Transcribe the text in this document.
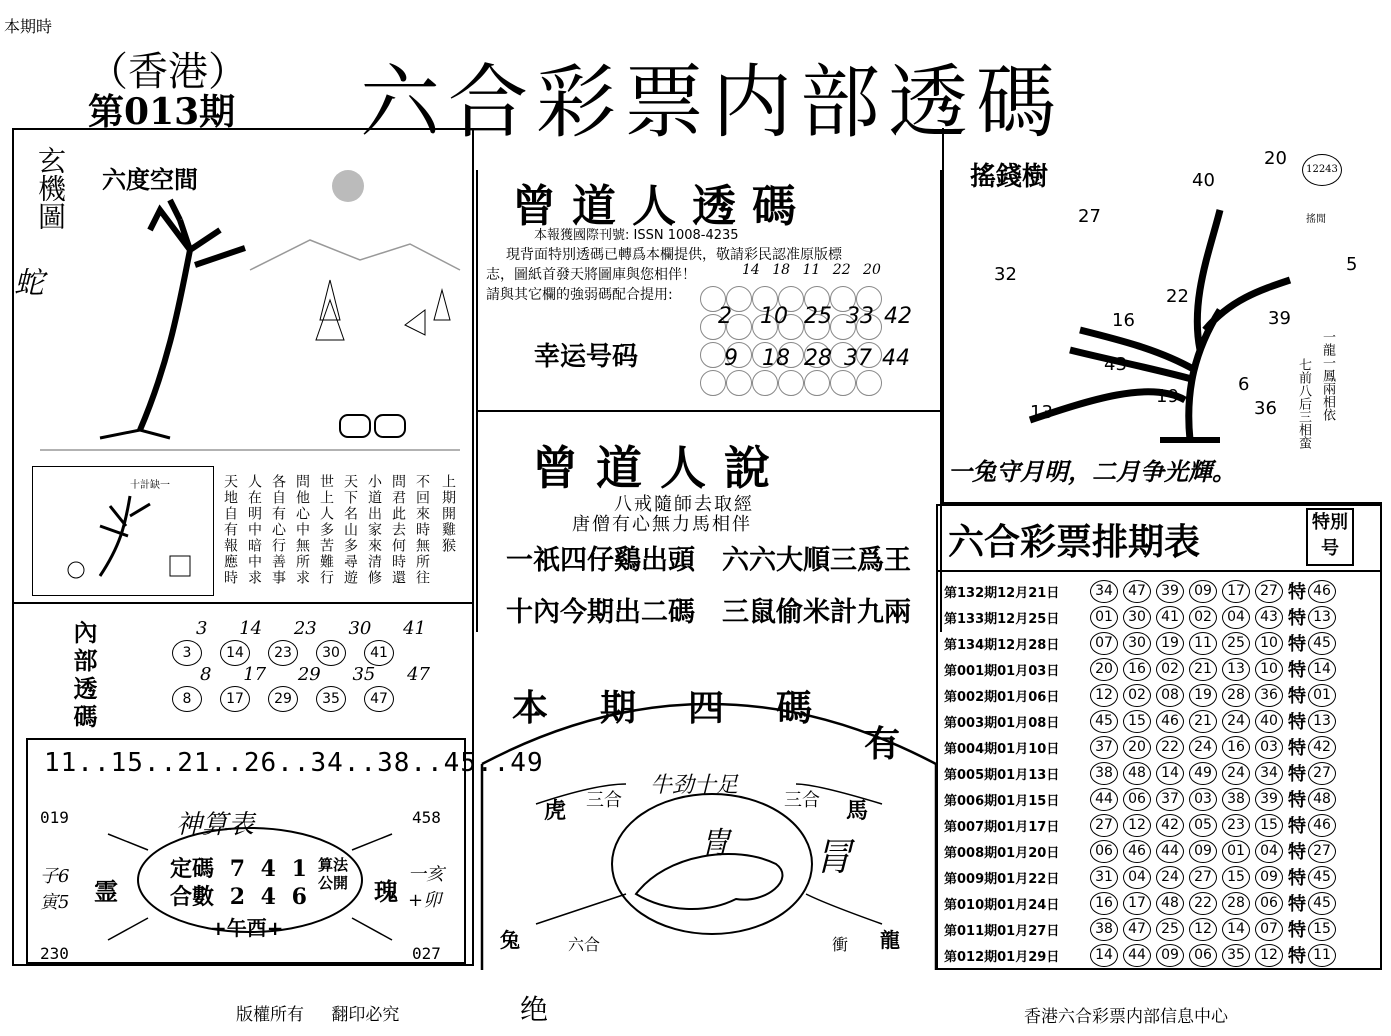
本期時
（香港）
第013期 六合彩票内部透碼
玄機圖
蛇
六度空間
十計缺一	上期開雞猴
不回來時無所往
問君此去何時還
小道出家來清修
天下名山多尋遊
世上人多苦難行
問他心中無所求
各自有心行善事
人在明中暗中求
天地自有報應時
內部透碼	3	14	23	30	41
8	17	29	35	47
3 14 23 30 41
8 17 29 35 47
11..15..21..26..34..38..45..49
019	458
230	027
神算表
定碼 7 4 1
合數 2 4 6
算法公開
+午酉+
霊	瑰
子6 寅5
一亥 +卯
曾道人透碼
本報獲國際刊號: ISSN 1008-4235
現背面特別透碼已轉爲本欄提供，敬請彩民認准原版標
志，圖紙首發天將圖庫與您相伴！
請與其它欄的強弱碼配合提用:
14 18 11 22 20
幸运号码
2 10 25 33 42
9 18 28 37 44
曾道人說
八戒隨師去取經
唐僧有心無力馬相伴
一祇四仔鷄出頭 六六大順三爲王
十內今期出二碼 三鼠偷米計九兩
本期四碼
有
牛劲十足
虎 三合	三合 馬
冑 冐
兔	六合	衝 龍
搖錢樹	12243
搖閒
40
20
27
32	5
16
22
39
43
19
6
13	36	一龍一鳳兩相依
七前八后三相蛮
一兔守月明，二月争光輝。
六合彩票排期表	特別号
第132期12月21日	34	47	39	09	17	27 特 46
第133期12月25日	01	30	41	02	04	43 特 13
第134期12月28日	07	30	19	11	25	10 特 45
第001期01月03日	20	16	02	21	13	10 特 14
第002期01月06日	12	02	08	19	28	36 特 01
第003期01月08日	45	15	46	21	24	40 特 13
第004期01月10日	37	20	22	24	16	03 特 42
第005期01月13日	38	48	14	49	24	34 特 27
第006期01月15日	44	06	37	03	38	39 特 48
第007期01月17日	27	12	42	05	23	15 特 46
第008期01月20日	06	46	44	09	01	04 特 27
第009期01月22日	31	04	24	27	15	09 特 45
第010期01月24日	16	17	48	22	28	06 特 45
第011期01月27日	38	47	25	12	14	07 特 15
第012期01月29日	14	44	09	06	35	12 特 11
版權所有 翻印必究	绝	香港六合彩票内部信息中心
